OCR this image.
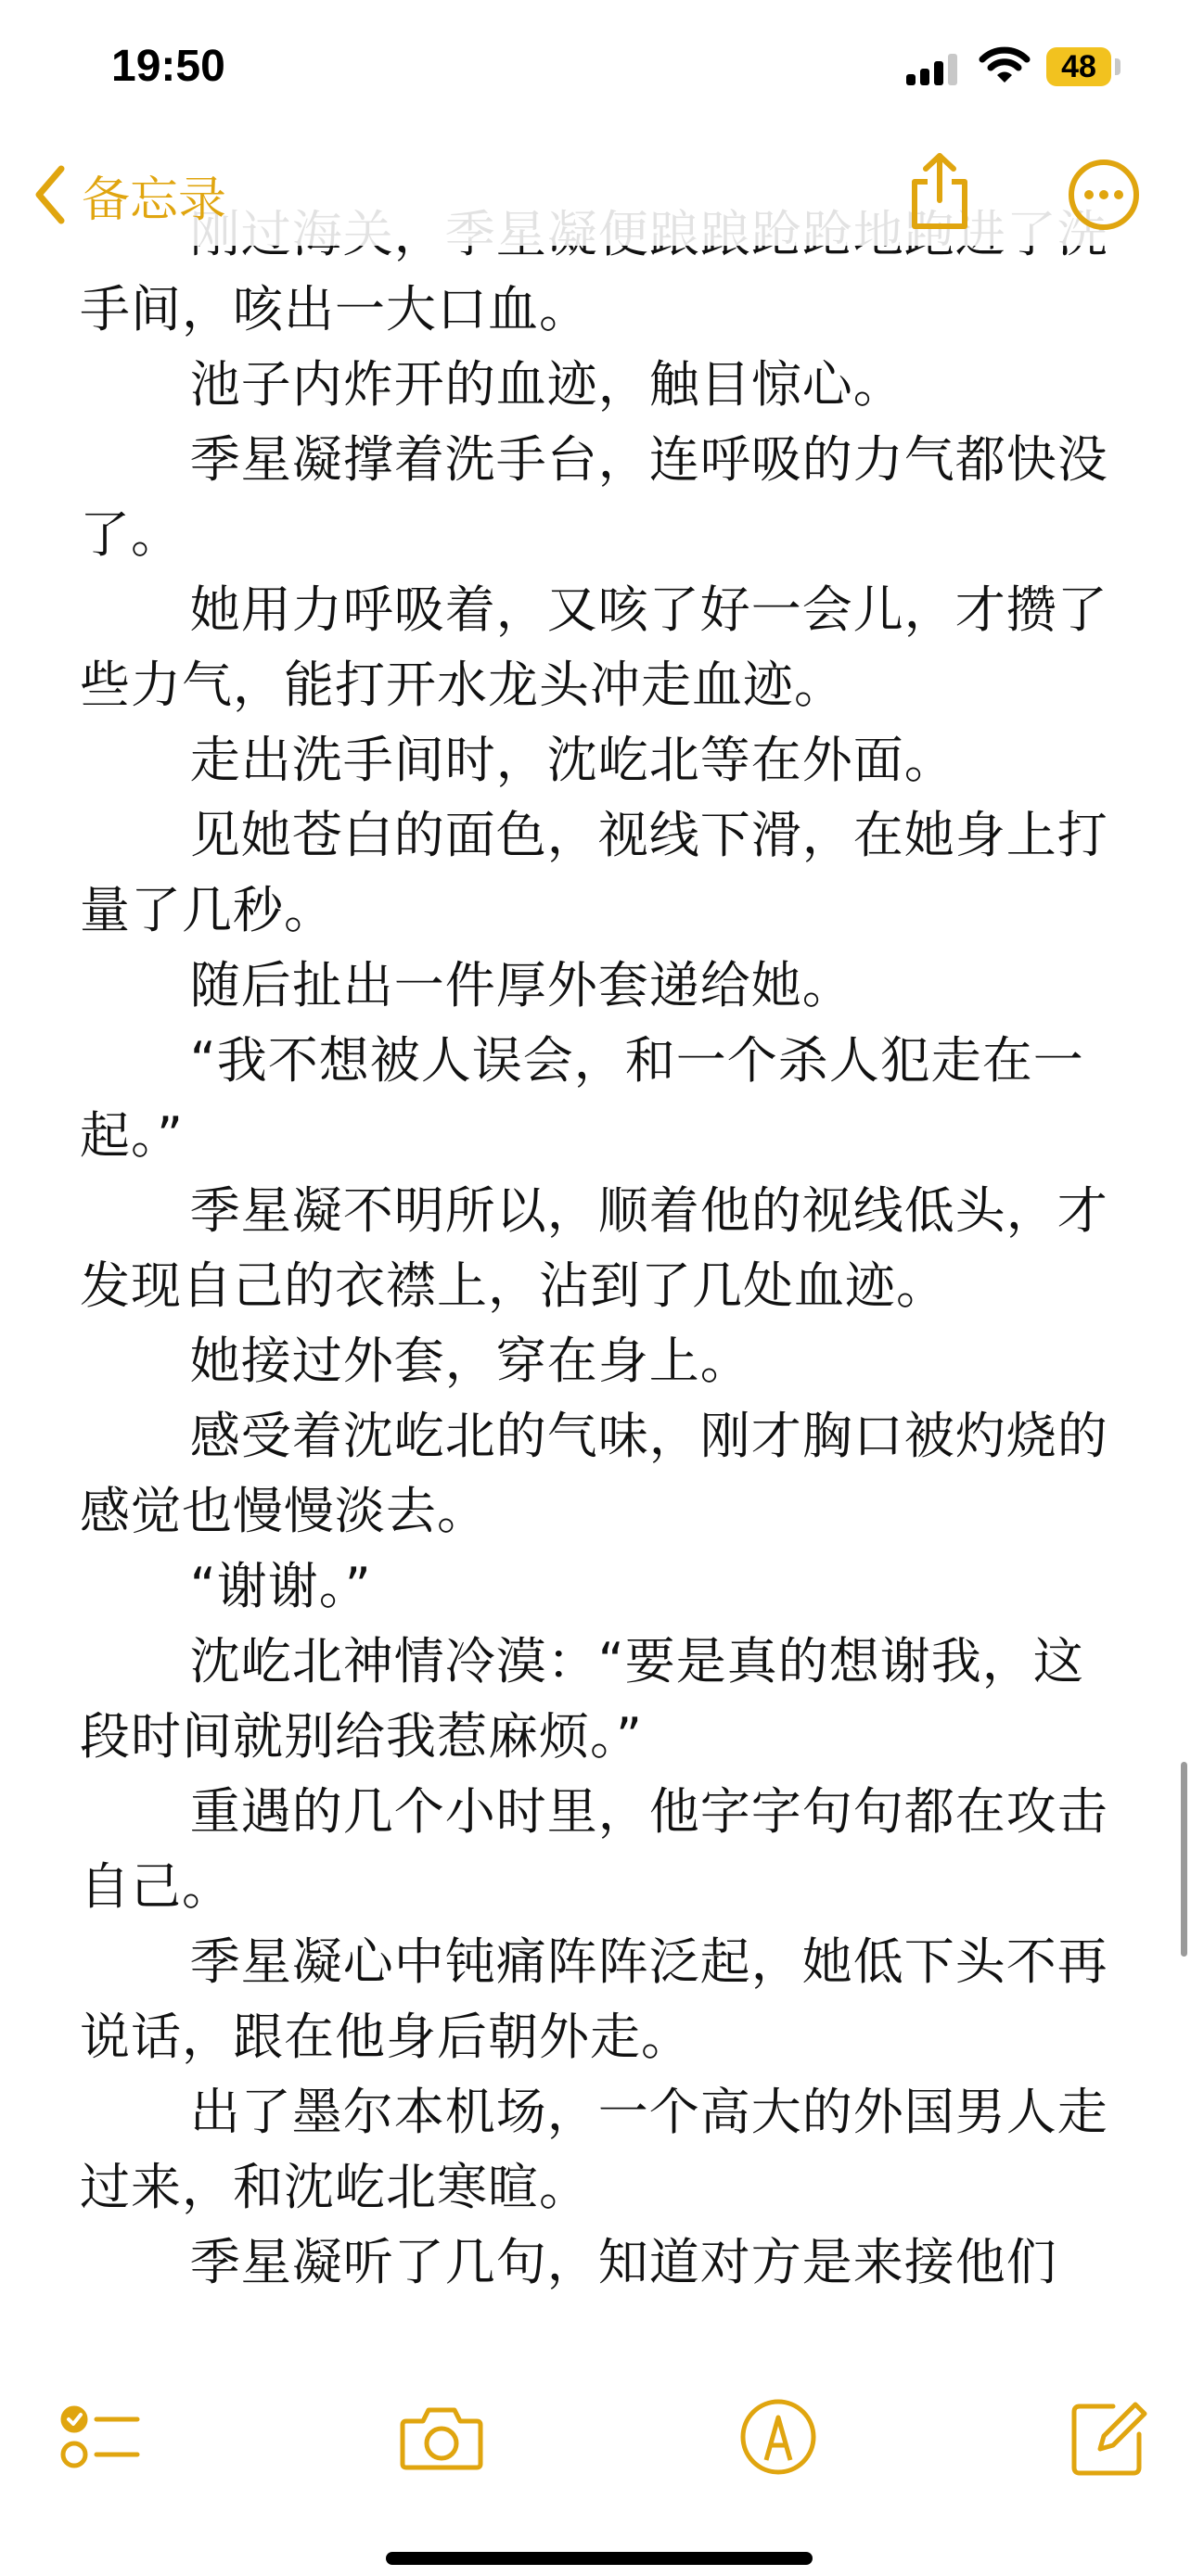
手间，咳出一大口血。

池子内炸开的血迹，触目惊心。

季星凝撑着洗手台，连呼吸的力气都快没了。

她用力呼吸着，又咳了好一会儿，才攒了些力气，能打开水龙头冲走血迹。

走出洗手间时，沈屹北等在外面。

见她苍白的面色，视线下滑，在她身上打量了几秒。

随后扯出一件厚外套递给她。

“我不想被人误会，和一个杀人犯走在一起。”

季星凝不明所以，顺着他的视线低头，才发现自己的衣襟上，沾到了几处血迹。

她接过外套，穿在身上。

感受着沈屹北的气味，刚才胸口被灼烧的感觉也慢慢淡去。

“谢谢。”

沈屹北神情冷漠：“要是真的想谢我，这段时间就别给我惹麻烦。”

重遇的几个小时里，他字字句句都在攻击自己。

季星凝心中钝痛阵阵泛起，她低下头不再说话，跟在他身后朝外走。

出了墨尔本机场，一个高大的外国男人走过来，和沈屹北寒暄。

季星凝听了几句，知道对方是来接他们

19:50	48
备忘录
